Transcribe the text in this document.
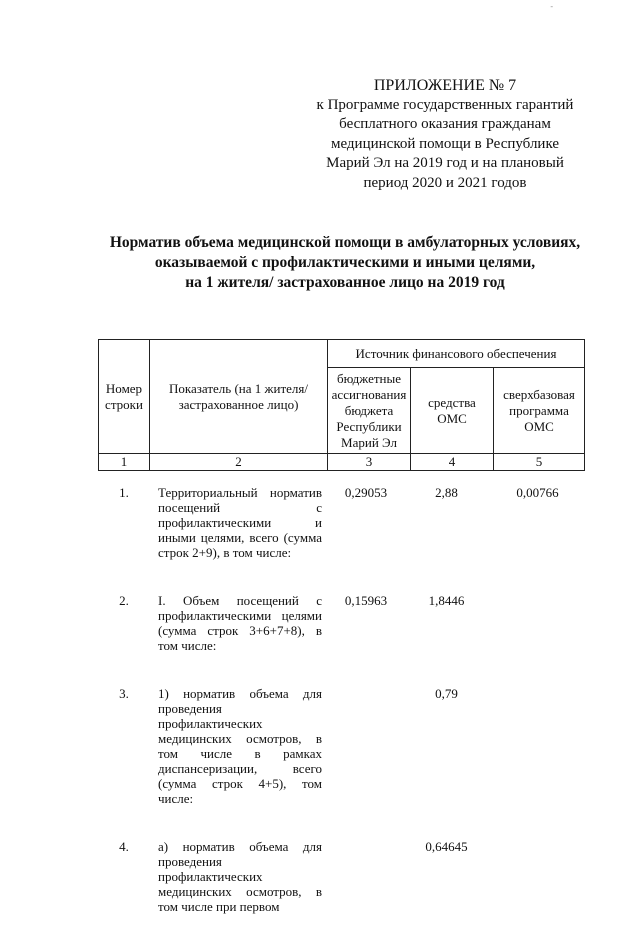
-
ПРИЛОЖЕНИЕ № 7
к Программе государственных гарантий
бесплатного оказания гражданам
медицинской помощи в Республике
Марий Эл на 2019 год и на плановый
период 2020 и 2021 годов
Норматив объема медицинской помощи в амбулаторных условиях,
оказываемой с профилактическими и иными целями,
на 1 жителя/ застрахованное лицо на 2019 год
Номер строки	Показатель (на 1 жителя/застрахованное лицо)	Источник финансового обеспечения		
		бюджетные ассигнования бюджета Республики Марий Эл	средства ОМС	сверхбазовая программа ОМС
1	2	3	4	5
1.	Территориальный норматив посещений с профилактическими и иными целями, всего (сумма строк 2+9), в том числе:	0,29053	2,88	0,00766
2.	I. Объем посещений с профилактическими целями (сумма строк 3+6+7+8), в том числе:	0,15963	1,8446	
3.	1) норматив объема для проведения профилактических медицинских осмотров, в том числе в рамках диспансеризации, всего (сумма строк 4+5), том числе:		0,79	
4.	а) норматив объема для проведения профилактических медицинских осмотров, в том числе при первом		0,64645	
